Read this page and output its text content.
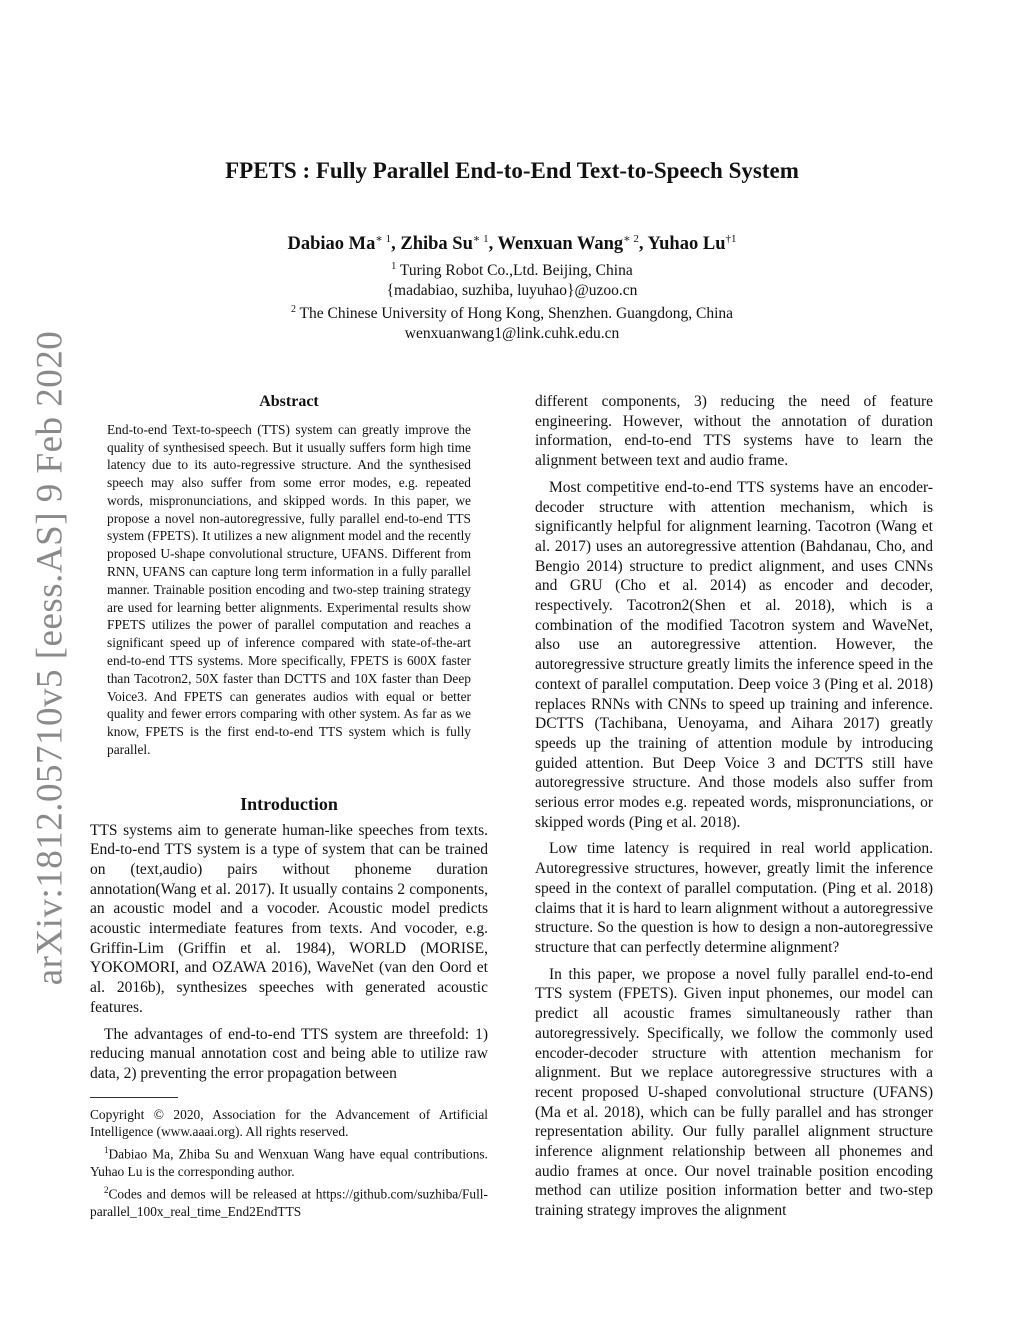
arXiv:1812.05710v5 [eess.AS] 9 Feb 2020
FPETS : Fully Parallel End-to-End Text-to-Speech System
Dabiao $Ma^{∗ 1}$, Zhiba $Su^{∗ 1}$, Wenxuan Wang$^{∗ 2}$, Yuhao Lu$^{\dagger 1}$
$^1$ Turing Robot Co.,Ltd. Beijing, China
{madabiao, suzhiba, luyuhao}@uzoo.cn
$^2$ The Chinese University of Hong Kong, Shenzhen. Guangdong, China
wenxuanwang1@link.cuhk.edu.cn
Abstract

End-to-end Text-to-speech (TTS) system can greatly improve the quality of synthesised speech. But it usually suffers form high time latency due to its auto-regressive structure. And the synthesised speech may also suffer from some error modes, e.g. repeated words, mispronunciations, and skipped words. In this paper, we propose a novel non-autoregressive, fully parallel end-to-end TTS system (FPETS). It utilizes a new alignment model and the recently proposed U-shape convolutional structure, UFANS. Different from RNN, UFANS can capture long term information in a fully parallel manner. Trainable position encoding and two-step training strategy are used for learning better alignments. Experimental results show FPETS utilizes the power of parallel computation and reaches a significant speed up of inference compared with state-of-the-art end-to-end TTS systems. More specifically, FPETS is 600X faster than Tacotron2, 50X faster than DCTTS and 10X faster than Deep Voice3. And FPETS can generates audios with equal or better quality and fewer errors comparing with other system. As far as we know, FPETS is the first end-to-end TTS system which is fully parallel.

Introduction

TTS systems aim to generate human-like speeches from texts. End-to-end TTS system is a type of system that can be trained on (text,audio) pairs without phoneme duration annotation(Wang et al. 2017). It usually contains 2 components, an acoustic model and a vocoder. Acoustic model predicts acoustic intermediate features from texts. And vocoder, e.g. Griffin-Lim (Griffin et al. 1984), WORLD (MORISE, YOKOMORI, and OZAWA 2016), WaveNet (van den Oord et al. 2016b), synthesizes speeches with generated acoustic features.

The advantages of end-to-end TTS system are threefold: 1) reducing manual annotation cost and being able to utilize raw data, 2) preventing the error propagation between

Copyright © 2020, Association for the Advancement of Artificial Intelligence (www.aaai.org). All rights reserved.

$^1$Dabiao Ma, Zhiba Su and Wenxuan Wang have equal contributions. Yuhao Lu is the corresponding author.

$^2$Codes and demos will be released at https://github.com/suzhiba/Full-parallel_100x_real_time_End2EndTTS

different components, 3) reducing the need of feature engineering. However, without the annotation of duration information, end-to-end TTS systems have to learn the alignment between text and audio frame.

Most competitive end-to-end TTS systems have an encoder-decoder structure with attention mechanism, which is significantly helpful for alignment learning. Tacotron (Wang et al. 2017) uses an autoregressive attention (Bahdanau, Cho, and Bengio 2014) structure to predict alignment, and uses CNNs and GRU (Cho et al. 2014) as encoder and decoder, respectively. Tacotron2(Shen et al. 2018), which is a combination of the modified Tacotron system and WaveNet, also use an autoregressive attention. However, the autoregressive structure greatly limits the inference speed in the context of parallel computation. Deep voice 3 (Ping et al. 2018) replaces RNNs with CNNs to speed up training and inference. DCTTS (Tachibana, Uenoyama, and Aihara 2017) greatly speeds up the training of attention module by introducing guided attention. But Deep Voice 3 and DCTTS still have autoregressive structure. And those models also suffer from serious error modes e.g. repeated words, mispronunciations, or skipped words (Ping et al. 2018).

Low time latency is required in real world application. Autoregressive structures, however, greatly limit the inference speed in the context of parallel computation. (Ping et al. 2018) claims that it is hard to learn alignment without a autoregressive structure. So the question is how to design a non-autoregressive structure that can perfectly determine alignment?

In this paper, we propose a novel fully parallel end-to-end TTS system (FPETS). Given input phonemes, our model can predict all acoustic frames simultaneously rather than autoregressively. Specifically, we follow the commonly used encoder-decoder structure with attention mechanism for alignment. But we replace autoregressive structures with a recent proposed U-shaped convolutional structure (UFANS)(Ma et al. 2018), which can be fully parallel and has stronger representation ability. Our fully parallel alignment structure inference alignment relationship between all phonemes and audio frames at once. Our novel trainable position encoding method can utilize position information better and two-step training strategy improves the alignment
